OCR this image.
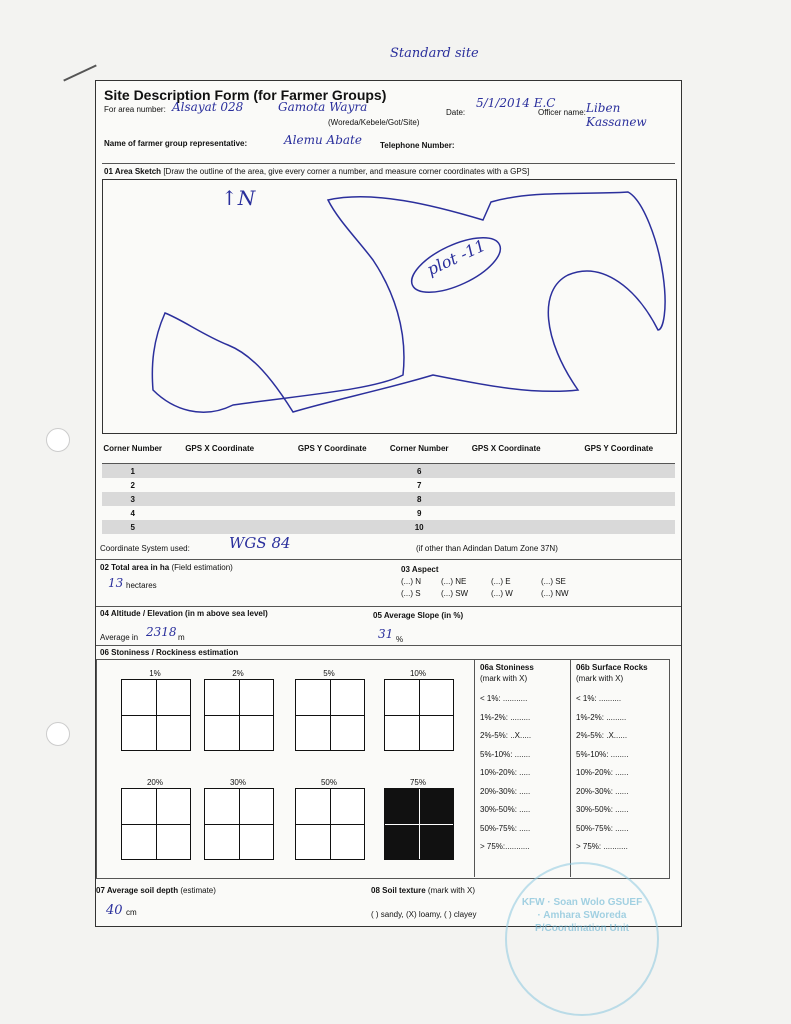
Standard site
Site Description Form (for Farmer Groups)
For area number: Alsayat 028	Gamota Wayra
(Woreda/Kebele/Got/Site)
Date:
5/1/2014 E.C
Officer name: Liben Kassanew
Name of farmer group representative:	Alemu Abate Telephone Number:
01 Area Sketch [Draw the outline of the area, give every corner a number, and measure corner coordinates with a GPS]
↑N
plot -11
Corner Number	GPS X Coordinate	GPS Y Coordinate	Corner Number	GPS X Coordinate	GPS Y Coordinate
1			6		
2			7		
3			8		
4			9		
5			10		
Coordinate System used:	WGS 84	(if other than Adindan Datum Zone 37N)
02 Total area in ha (Field estimation)
13 hectares
03 Aspect
(...) N	(...) NE	(...) E	(...) SE
(...) S	(...) SW	(...) W	(...) NW
04 Altitude / Elevation (in m above sea level)
Average in 2318 m
05 Average Slope (in %)
31 %
06 Stoniness / Rockiness estimation
1%	2%	5%	10%
20%	30%	50%	75%
06a Stoniness
(mark with X)
< 1%: ...........
1%-2%: .........
2%-5%: ..X.....
5%-10%: .......
10%-20%: .....
20%-30%: .....
30%-50%: .....
50%-75%: .....
> 75%:...........
06b Surface Rocks
(mark with X)
< 1%: ..........
1%-2%: .........
2%-5%: .X......
5%-10%: ........
10%-20%: ......
20%-30%: ......
30%-50%: ......
50%-75%: ......
> 75%: ...........
07 Average soil depth (estimate)
40 cm
08 Soil texture (mark with X)
( ) sandy, (X) loamy, ( ) clayey
KFW · Soan Wolo GSUEF · Amhara SWoreda P/Coordination Unit
